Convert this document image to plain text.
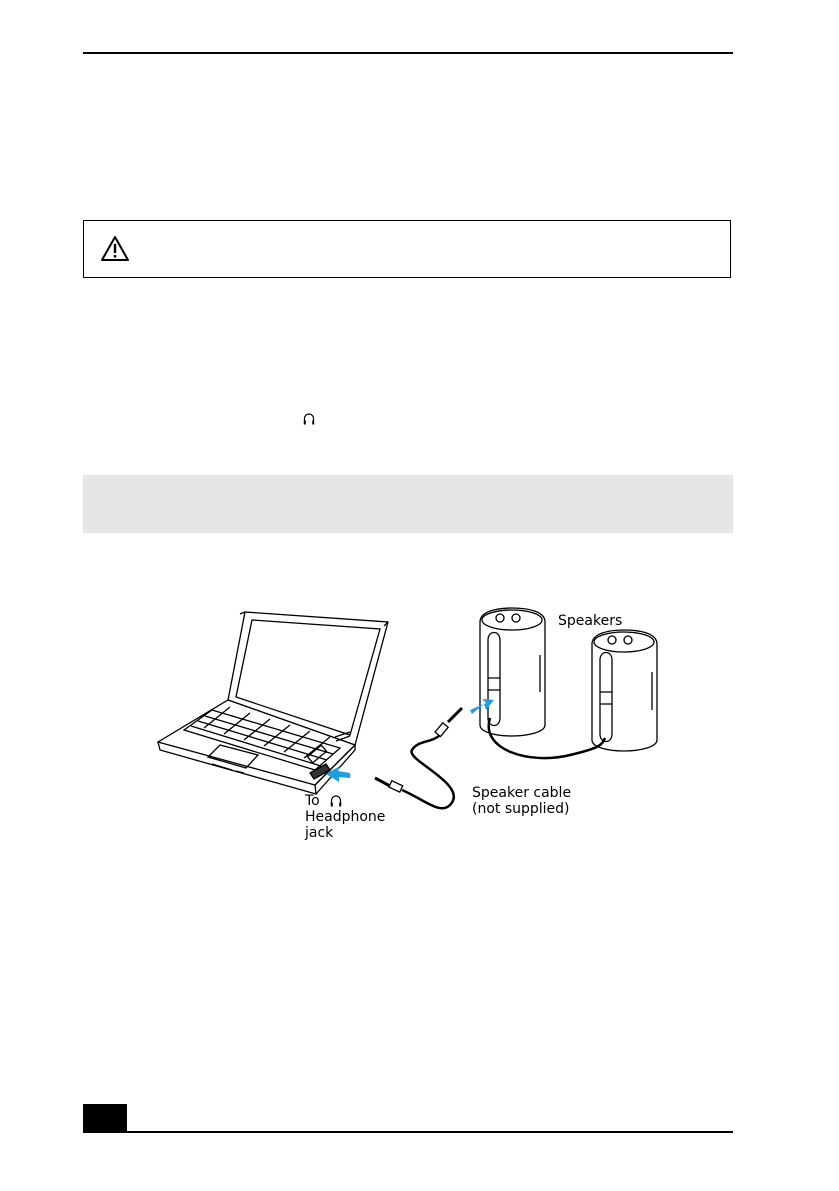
Speakers
Speaker cable
(not supplied)
To
Headphone
jack
